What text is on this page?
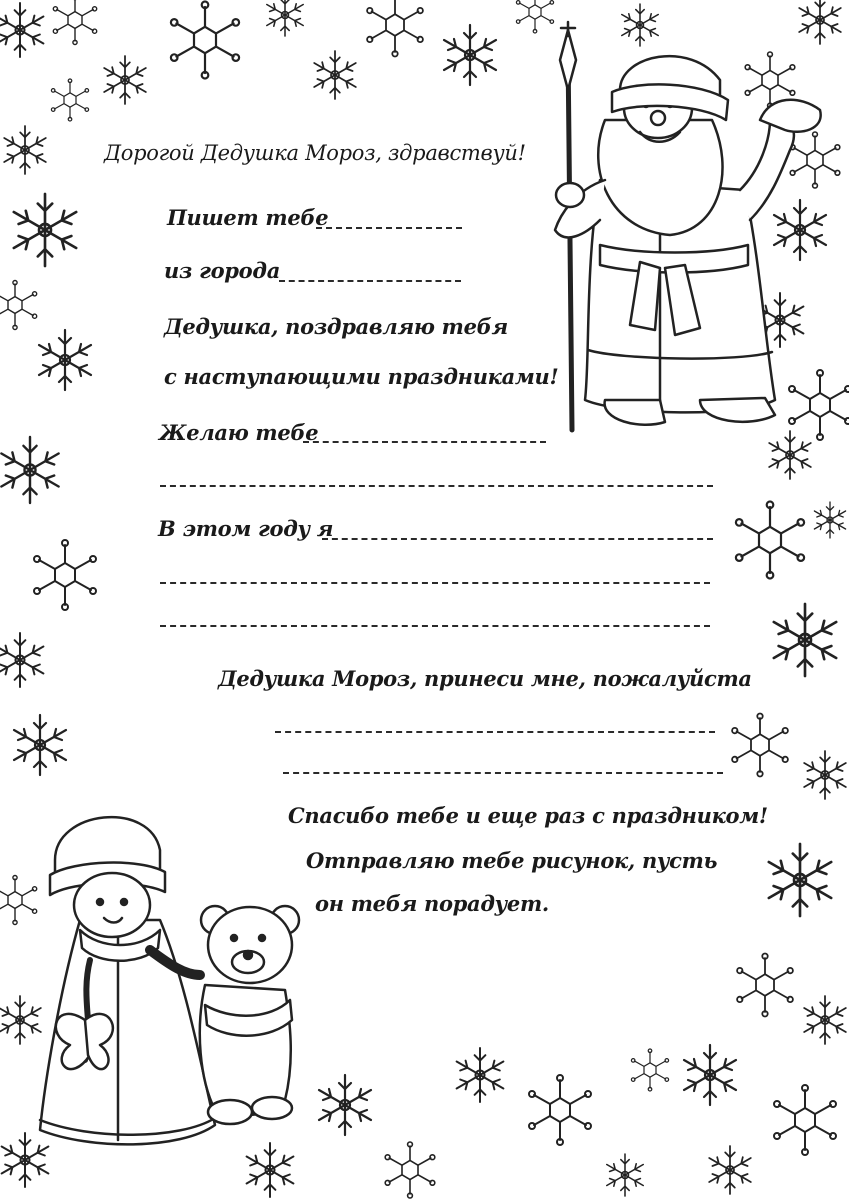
Дорогой Дедушка Мороз, здравствуй!
Пишет тебе
из города
Дедушка, поздравляю тебя
с наступающими праздниками!
Желаю тебе
В этом году я
Дедушка Мороз, принеси мне, пожалуйста
Спасибо тебе и еще раз с праздником!
Отправляю тебе рисунок, пусть
он тебя порадует.
